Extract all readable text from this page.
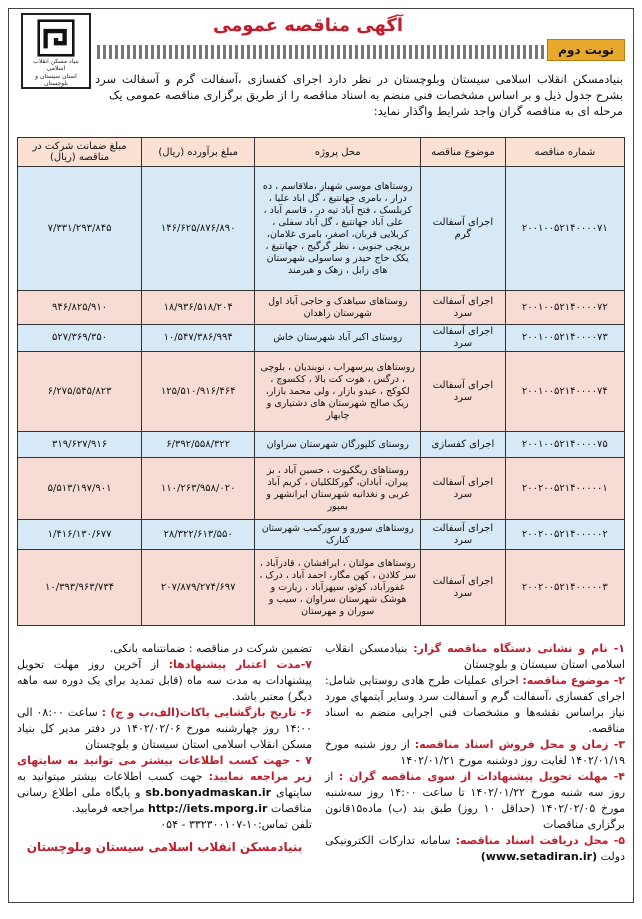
آگهی مناقصه عمومی
بنیاد مسکن انقلاب اسلامی
استان سیستان و بلوچستان
نوبت دوم
بنیادمسکن انقلاب اسلامی سیستان وبلوچستان در نظر دارد اجرای کفسازی ،آسفالت گرم و آسفالت سرد بشرح جدول ذیل و بر اساس مشخصات فنی منضم به اسناد مناقصه را از طریق برگزاری مناقصه عمومی یک
مرحله ای به مناقصه گران واجد شرایط واگذار نماید:
شماره مناقصه	موضوع مناقصه	محل پروژه	مبلغ برآورده (ریال)	مبلغ ضمانت شرکت در مناقصه (ریال)
۲۰۰۱۰۰۵۲۱۴۰۰۰۰۷۱	اجرای آسفالت گرم	روستاهای موسی شهباز ،ملاقاسم ، ده درار ، بامری جهانتیغ ، گل اباد علیا ، کربلسک ، فتح آباد تیه در ، قاسم آباد ، علی آباد جهانتیغ ، گل آباد سفلی ، کربلایی قربان، اصغر، بامری غلامان، بریچی جنوبی ، نظر گرگیج ، جهانتیغ ، یکک حاج حیدر و ساسولی شهرستان های زابل ، زهک و هیرمند	۱۴۶/۶۲۵/۸۷۶/۸۹۰	۷/۳۳۱/۲۹۳/۸۴۵
۲۰۰۱۰۰۵۲۱۴۰۰۰۰۷۲	اجرای آسفالت سرد	روستاهای سیاهدک و حاجی آباد اول شهرستان زاهدان	۱۸/۹۳۶/۵۱۸/۲۰۴	۹۴۶/۸۲۵/۹۱۰
۲۰۰۱۰۰۵۲۱۴۰۰۰۰۷۳	اجرای آسفالت سرد	روستای اکبر آباد شهرستان خاش	۱۰/۵۴۷/۳۸۶/۹۹۴	۵۲۷/۳۶۹/۳۵۰
۲۰۰۱۰۰۵۲۱۴۰۰۰۰۷۴	اجرای آسفالت سرد	روستاهای پیرسهراب ، نوبندیان ، بلوچی ، درگس ، هوت کت بالا ، ککسوچ ، لکوکج ، عیدو بازار ، ولی محمد بازار، ریک صالح شهرستان های دشتیاری و چابهار	۱۲۵/۵۱۰/۹۱۶/۴۶۴	۶/۲۷۵/۵۴۵/۸۲۳
۲۰۰۱۰۰۵۲۱۴۰۰۰۰۷۵	اجرای کفسازی	روستای کلپورگان شهرستان سراوان	۶/۳۹۲/۵۵۸/۳۲۲	۳۱۹/۶۲۷/۹۱۶
۲۰۰۲۰۰۵۲۱۴۰۰۰۰۰۱	اجرای آسفالت سرد	روستاهای ریگکیوت ، حسین آباد ، بز پیران، آبادان، گورکلکلیان ، کریم آباد غربی و نغدانیه شهرستان ایرانشهر و بمپور	۱۱۰/۲۶۳/۹۵۸/۰۲۰	۵/۵۱۳/۱۹۷/۹۰۱
۲۰۰۲۰۰۵۲۱۴۰۰۰۰۰۲	اجرای آسفالت سرد	روستاهای سورو و سورکمب شهرستان کنارک	۲۸/۳۲۲/۶۱۳/۵۵۰	۱/۴۱۶/۱۳۰/۶۷۷
۲۰۰۲۰۰۵۲۱۴۰۰۰۰۰۳	اجرای آسفالت سرد	روستاهای مولتان ، ایرافشان ، قادرآباد ، سر کلادن ، کهن مگار، احمد آباد ، درک ، غفورآباد، کوثو، سپهرآباد ، زیارت و هوشک شهرستان سراوان ، سیب و سوران و مهرستان	۲۰۷/۸۷۹/۲۷۴/۶۹۷	۱۰/۳۹۳/۹۶۳/۷۳۴
۱- نام و نشانی دستگاه مناقصه گزار: بنیادمسکن انقلاب اسلامی استان سیستان و بلوچستان
۲- موضوع مناقصه: اجرای عملیات طرح هادی روستایی شامل: اجرای کفسازی ،آسفالت گرم و آسفالت سرد وسایر آیتمهای مورد نیاز براساس نقشه‌ها و مشخصات فنی اجرایی منضم به اسناد مناقصه.
۳- زمان و محل فروش اسناد مناقصه: از روز شنبه مورخ ۱۴۰۲/۰۱/۱۹ لغایت روز دوشنبه مورخ ۱۴۰۲/۰۱/۲۱
۴- مهلت تحویل پیشنهادات از سوی مناقصه گران : از روز سه شنبه مورخ ۱۴۰۲/۰۱/۲۲ تا ساعت ۱۴:۰۰ روز سه‌شنبه مورخ ۱۴۰۲/۰۲/۰۵ (حداقل ۱۰ روز) طبق بند (ب) ماده۱۵قانون برگزاری مناقصات
۵- محل دریافت اسناد مناقصه: سامانه تدارکات الکترونیکی دولت (www.setadiran.ir)
تضمین شرکت در مناقصه : ضمانتنامه بانکی.
۷-مدت اعتبار پیشنهادها: از آخرین روز مهلت تحویل پیشنهادات به مدت سه ماه (قابل تمدید برای یک دوره سه ماهه دیگر) معتبر باشد.
۶- تاریخ بازگشایی پاکات(الف،ب و ج) : ساعت ۰۸:۰۰ الی ۱۴:۰۰ روز چهارشنبه مورخ ۱۴۰۲/۰۲/۰۶ در دفتر مدیر کل بنیاد مسکن انقلاب اسلامی استان سیستان و بلوچستان
۷ - جهت کسب اطلاعات بیشتر می توانید به سایتهای زیر مراجعه نمایید: جهت کسب اطلاعات بیشتر میتوانید به سایتهای sb.bonyadmaskan.ir و پایگاه ملی اطلاع رسانی مناقصات http://iets.mporg.ir مراجعه فرمایید.
تلفن تماس:۱۰-۳۳۲۳۰۰۱۰۷ - ۰۵۴
بنیادمسکن انقلاب اسلامی سیستان وبلوچستان
